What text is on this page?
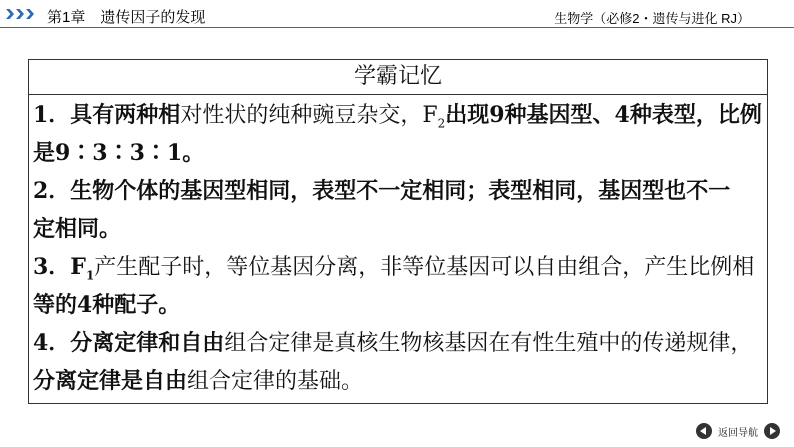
第1章　遗传因子的发现	生物学（必修2・遗传与进化 RJ）
学霸记忆
1．具有两种相对性状的纯种豌豆杂交，$F_2$出现9种基因型、4种表型，比例
是9∶3∶3∶1。
2．生物个体的基因型相同，表型不一定相同；表型相同，基因型也不一
定相同。
3．$F_1$产生配子时，等位基因分离，非等位基因可以自由组合，产生比例相
等的4种配子。
4．分离定律和自由组合定律是真核生物核基因在有性生殖中的传递规律，
分离定律是自由组合定律的基础。
返回导航
